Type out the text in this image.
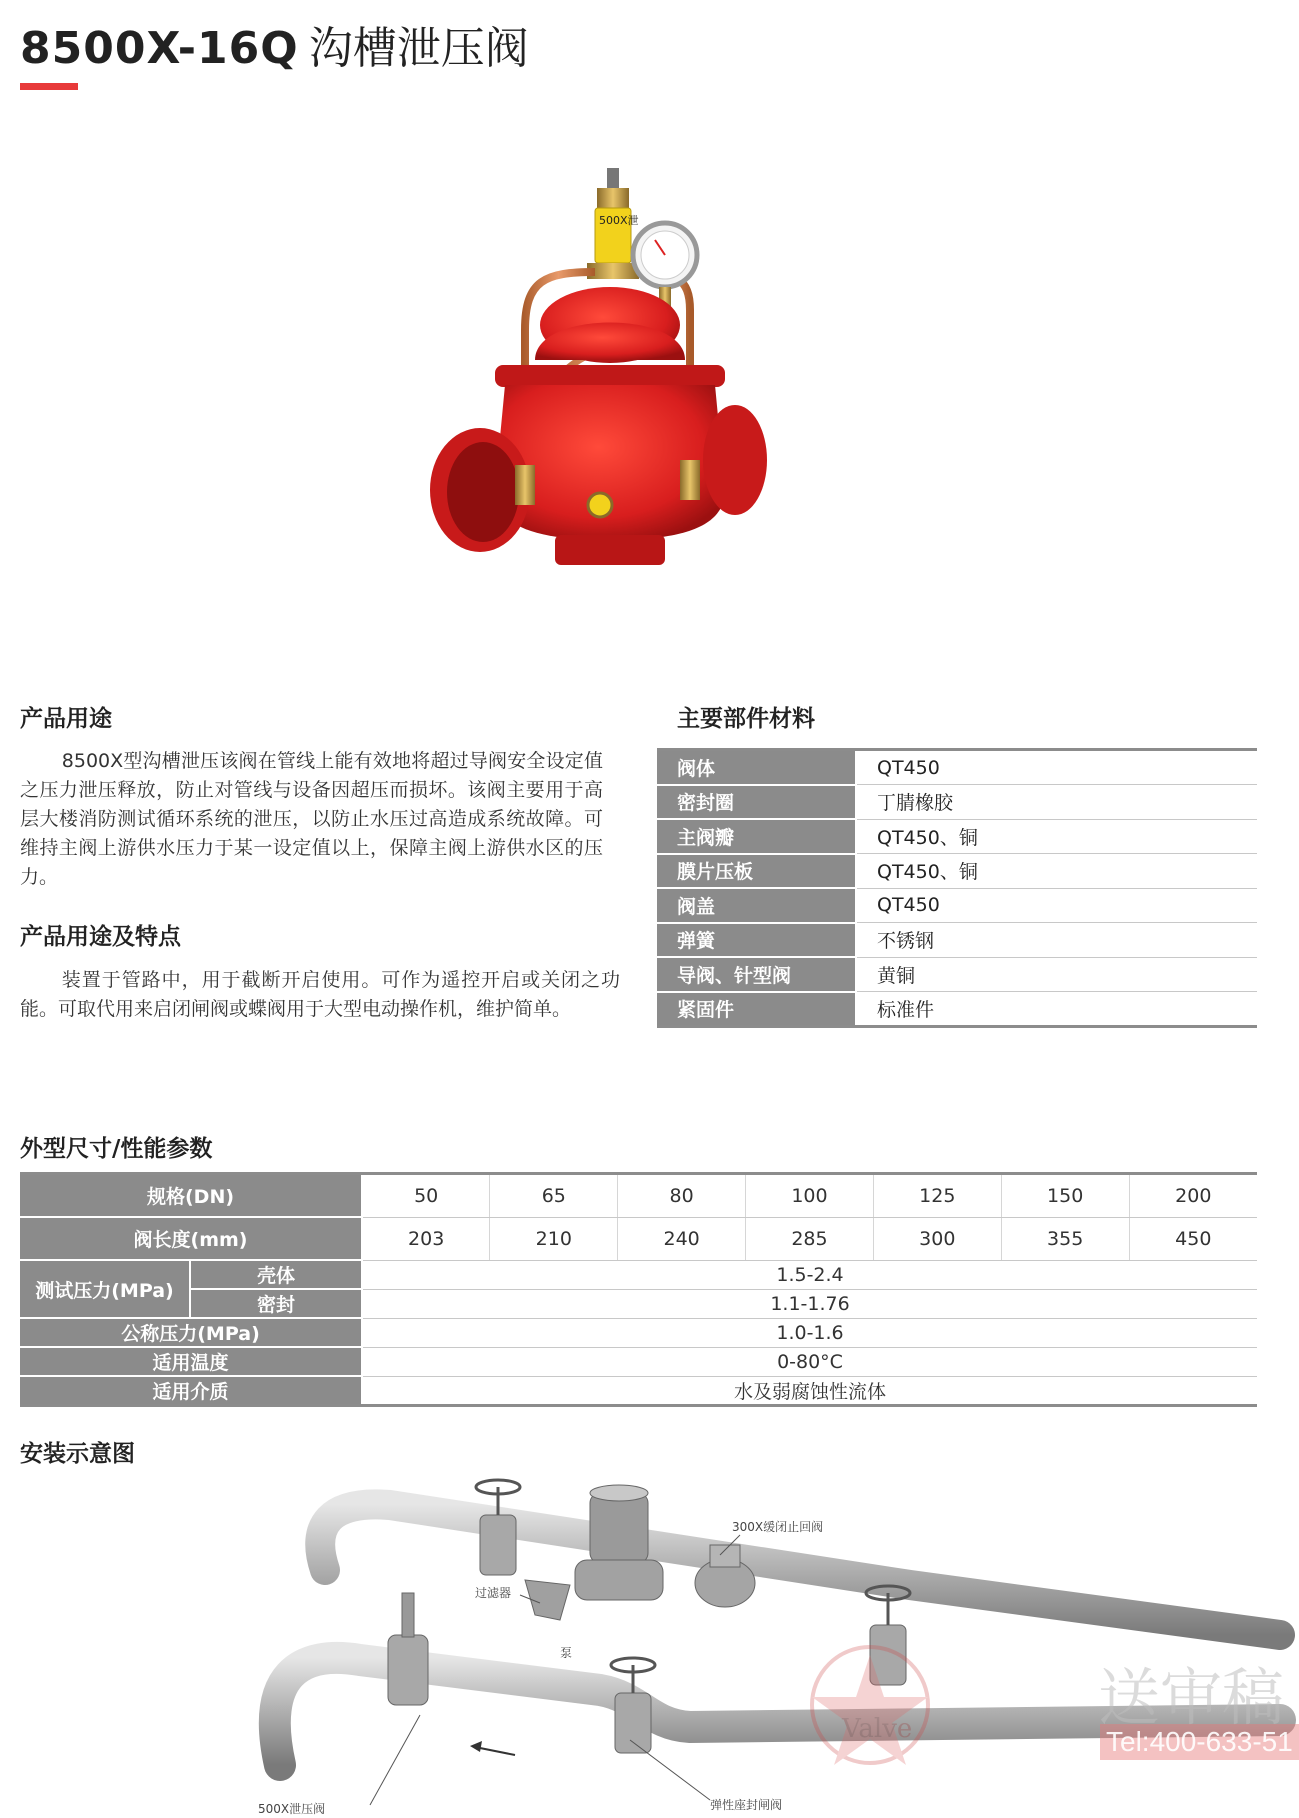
8500X-16Q 沟槽泄压阀
500X泄
产品用途
8500X型沟槽泄压该阀在管线上能有效地将超过导阀安全设定值之压力泄压释放，防止对管线与设备因超压而损坏。该阀主要用于高层大楼消防测试循环系统的泄压，以防止水压过高造成系统故障。可维持主阀上游供水压力于某一设定值以上，保障主阀上游供水区的压力。
产品用途及特点
装置于管路中，用于截断开启使用。可作为遥控开启或关闭之功能。可取代用来启闭闸阀或蝶阀用于大型电动操作机，维护简单。
主要部件材料
阀体	QT450
密封圈	丁腈橡胶
主阀瓣	QT450、铜
膜片压板	QT450、铜
阀盖	QT450
弹簧	不锈钢
导阀、针型阀	黄铜
紧固件	标准件
外型尺寸/性能参数
规格(DN)		50	65	80	100	125	150	200
阀长度(mm)		203	210	240	285	300	355	450
测试压力(MPa)	壳体	1.5-2.4						
	密封	1.1-1.76						
公称压力(MPa)		1.0-1.6						
适用温度		0-80°C						
适用介质		水及弱腐蚀性流体						
安装示意图
300X缓闭止回阀
过滤器
泵
500X泄压阀	弹性座封闸阀
Valve	送审稿
Tel:400-633-51
